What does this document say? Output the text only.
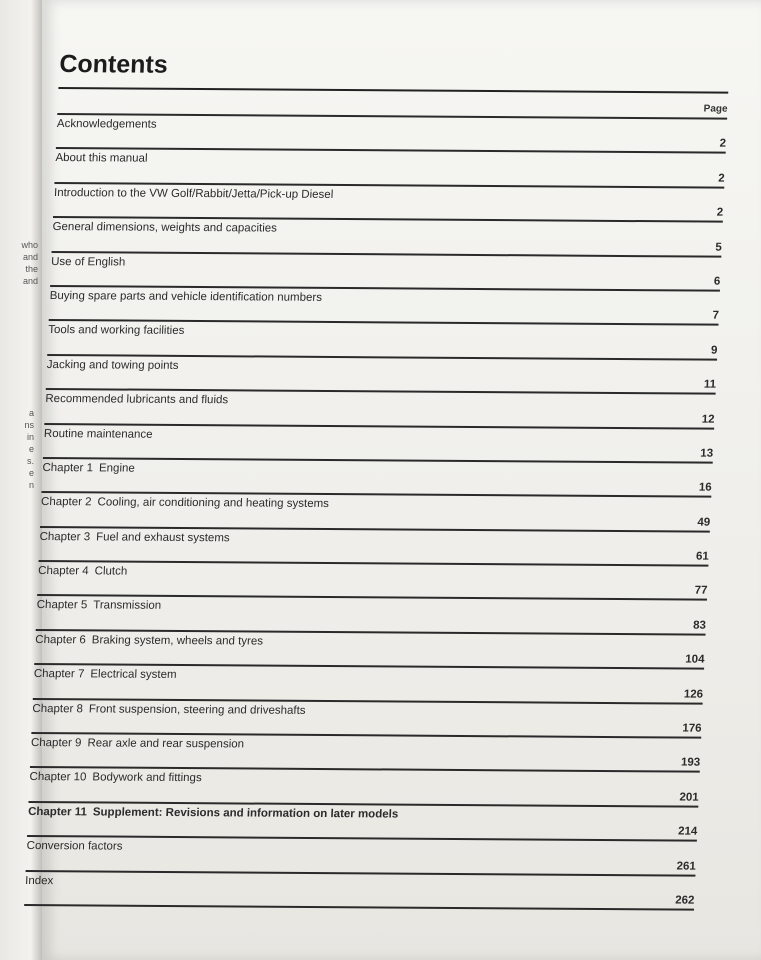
who
and
the
and
a
ns
in
e
s.
e
n
Contents
Page
Acknowledgements
2
About this manual
2
Introduction to the VW Golf/Rabbit/Jetta/Pick-up Diesel
2
General dimensions, weights and capacities
5
Use of English
6
Buying spare parts and vehicle identification numbers
7
Tools and working facilities
9
Jacking and towing points
11
Recommended lubricants and fluids
12
Routine maintenance
13
Chapter 1 Engine
16
Chapter 2 Cooling, air conditioning and heating systems
49
Chapter 3 Fuel and exhaust systems
61
Chapter 4 Clutch
77
Chapter 5 Transmission
83
Chapter 6 Braking system, wheels and tyres
104
Chapter 7 Electrical system
126
Chapter 8 Front suspension, steering and driveshafts
176
Chapter 9 Rear axle and rear suspension
193
Chapter 10 Bodywork and fittings
201
Chapter 11 Supplement: Revisions and information on later models
214
Conversion factors
261
Index
262
